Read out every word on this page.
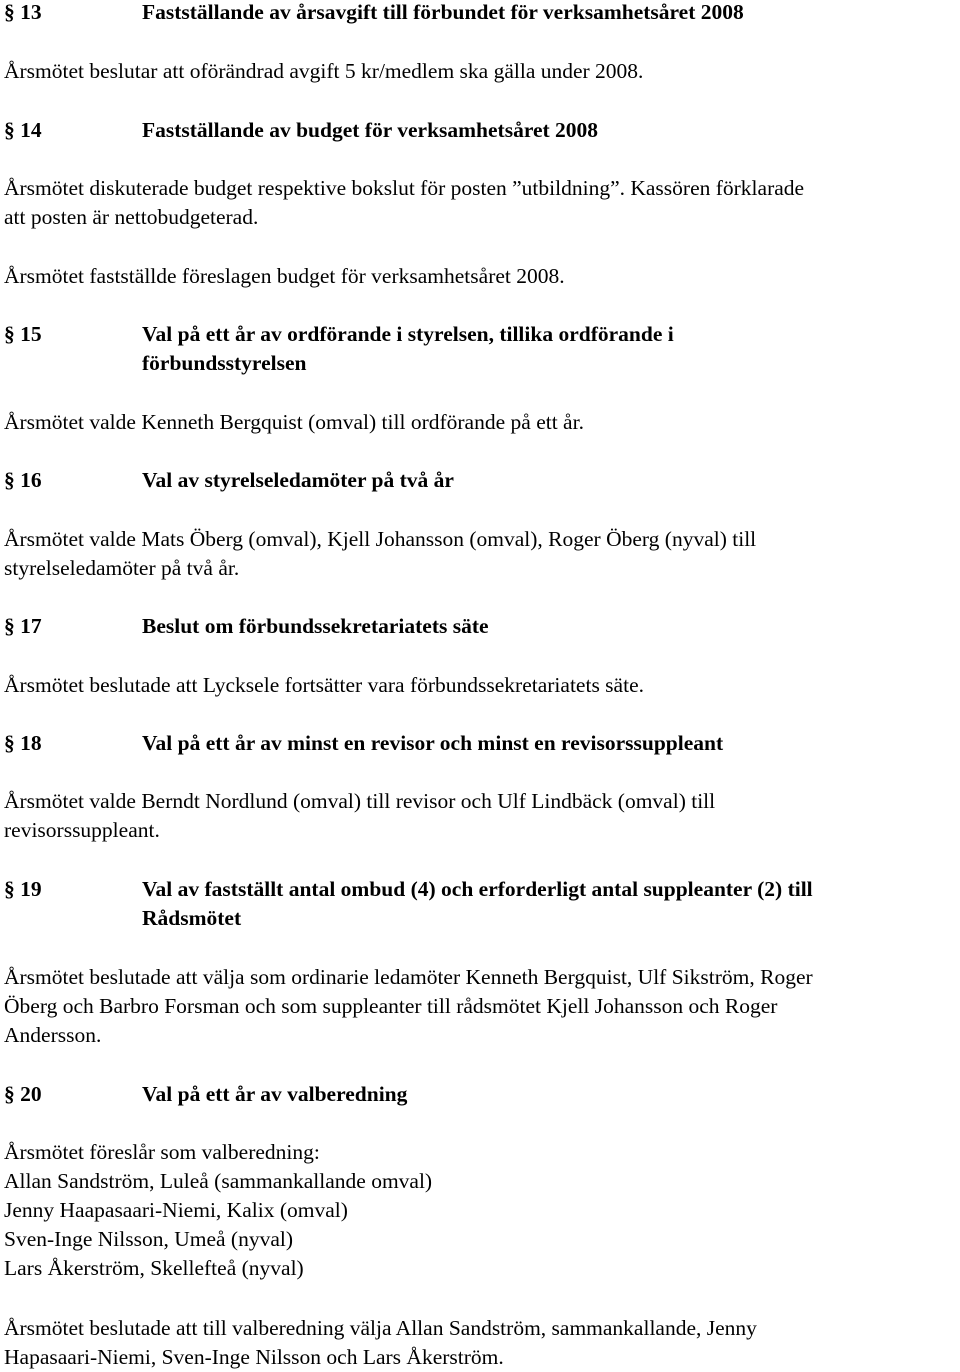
§ 13	Fastställande av årsavgift till förbundet för verksamhetsåret 2008
Årsmötet beslutar att oförändrad avgift 5 kr/medlem ska gälla under 2008.
§ 14	Fastställande av budget för verksamhetsåret 2008
Årsmötet diskuterade budget respektive bokslut för posten ”utbildning”. Kassören förklarade
att posten är nettobudgeterad.
Årsmötet fastställde föreslagen budget för verksamhetsåret 2008.
§ 15	Val på ett år av ordförande i styrelsen, tillika ordförande i
förbundsstyrelsen
Årsmötet valde Kenneth Bergquist (omval) till ordförande på ett år.
§ 16	Val av styrelseledamöter på två år
Årsmötet valde Mats Öberg (omval), Kjell Johansson (omval), Roger Öberg (nyval) till
styrelseledamöter på två år.
§ 17	Beslut om förbundssekretariatets säte
Årsmötet beslutade att Lycksele fortsätter vara förbundssekretariatets säte.
§ 18	Val på ett år av minst en revisor och minst en revisorssuppleant
Årsmötet valde Berndt Nordlund (omval) till revisor och Ulf Lindbäck (omval) till
revisorssuppleant.
§ 19	Val av fastställt antal ombud (4) och erforderligt antal suppleanter (2) till
Rådsmötet
Årsmötet beslutade att välja som ordinarie ledamöter Kenneth Bergquist, Ulf Sikström, Roger
Öberg och Barbro Forsman och som suppleanter till rådsmötet Kjell Johansson och Roger
Andersson.
§ 20	Val på ett år av valberedning
Årsmötet föreslår som valberedning:
Allan Sandström, Luleå (sammankallande omval)
Jenny Haapasaari-Niemi, Kalix (omval)
Sven-Inge Nilsson, Umeå (nyval)
Lars Åkerström, Skellefteå (nyval)
Årsmötet beslutade att till valberedning välja Allan Sandström, sammankallande, Jenny
Hapasaari-Niemi, Sven-Inge Nilsson och Lars Åkerström.
